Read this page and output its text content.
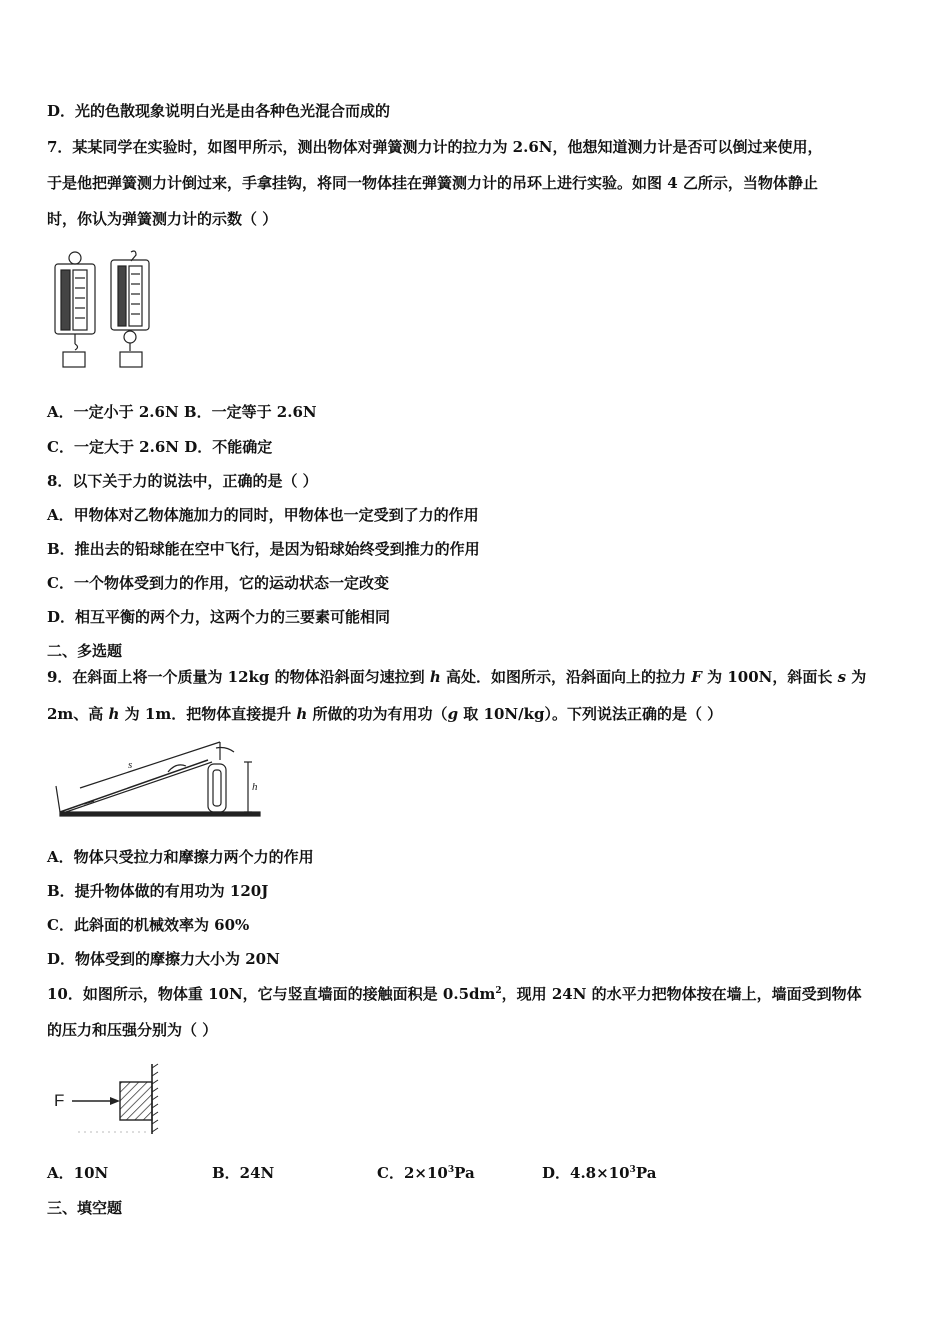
D．光的色散现象说明白光是由各种色光混合而成的
7．某某同学在实验时，如图甲所示，测出物体对弹簧测力计的拉力为 2.6N，他想知道测力计是否可以倒过来使用，
于是他把弹簧测力计倒过来，手拿挂钩，将同一物体挂在弹簧测力计的吊环上进行实验。如图 4 乙所示，当物体静止
时，你认为弹簧测力计的示数（ ）
A．一定小于 2.6N B．一定等于 2.6N
C．一定大于 2.6N D．不能确定
8．以下关于力的说法中，正确的是（ ）
A．甲物体对乙物体施加力的同时，甲物体也一定受到了力的作用
B．推出去的铅球能在空中飞行，是因为铅球始终受到推力的作用
C．一个物体受到力的作用，它的运动状态一定改变
D．相互平衡的两个力，这两个力的三要素可能相同
二、多选题
9．在斜面上将一个质量为 12kg 的物体沿斜面匀速拉到 h 高处．如图所示，沿斜面向上的拉力 F 为 100N，斜面长 s 为
2m、高 h 为 1m．把物体直接提升 h 所做的功为有用功（g 取 10N/kg）。下列说法正确的是（ ）
s
h
A．物体只受拉力和摩擦力两个力的作用
B．提升物体做的有用功为 120J
C．此斜面的机械效率为 60%
D．物体受到的摩擦力大小为 20N
10．如图所示，物体重 10N，它与竖直墙面的接触面积是 $0.5dm^2$，现用 24N 的水平力把物体按在墙上，墙面受到物体
的压力和压强分别为（ ）
F
A．10N	B．24N	C．$2\times 10^3Pa$	D．$4.8\times 10^3Pa$
三、填空题
